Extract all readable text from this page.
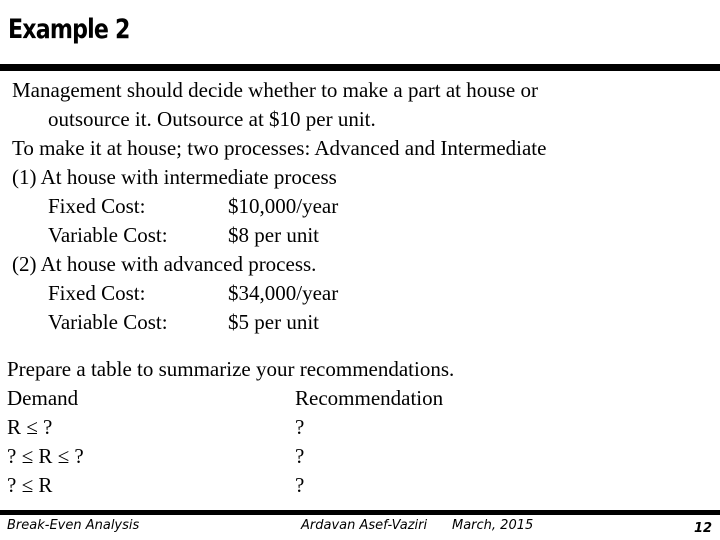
Example 2
Management should decide whether to make a part at house or
outsource it. Outsource at $10 per unit.
To make it at house; two processes: Advanced and Intermediate
(1) At house with intermediate process
Fixed Cost:	$10,000/year
Variable Cost:	$8 per unit
(2) At house with advanced process.
Fixed Cost:	$34,000/year
Variable Cost:	$5 per unit
Prepare a table to summarize your recommendations.
Demand	Recommendation
R ≤ ?	?
? ≤ R ≤ ?	?
? ≤ R	?
Break-Even Analysis	Ardavan Asef-Vaziri March, 2015	12
